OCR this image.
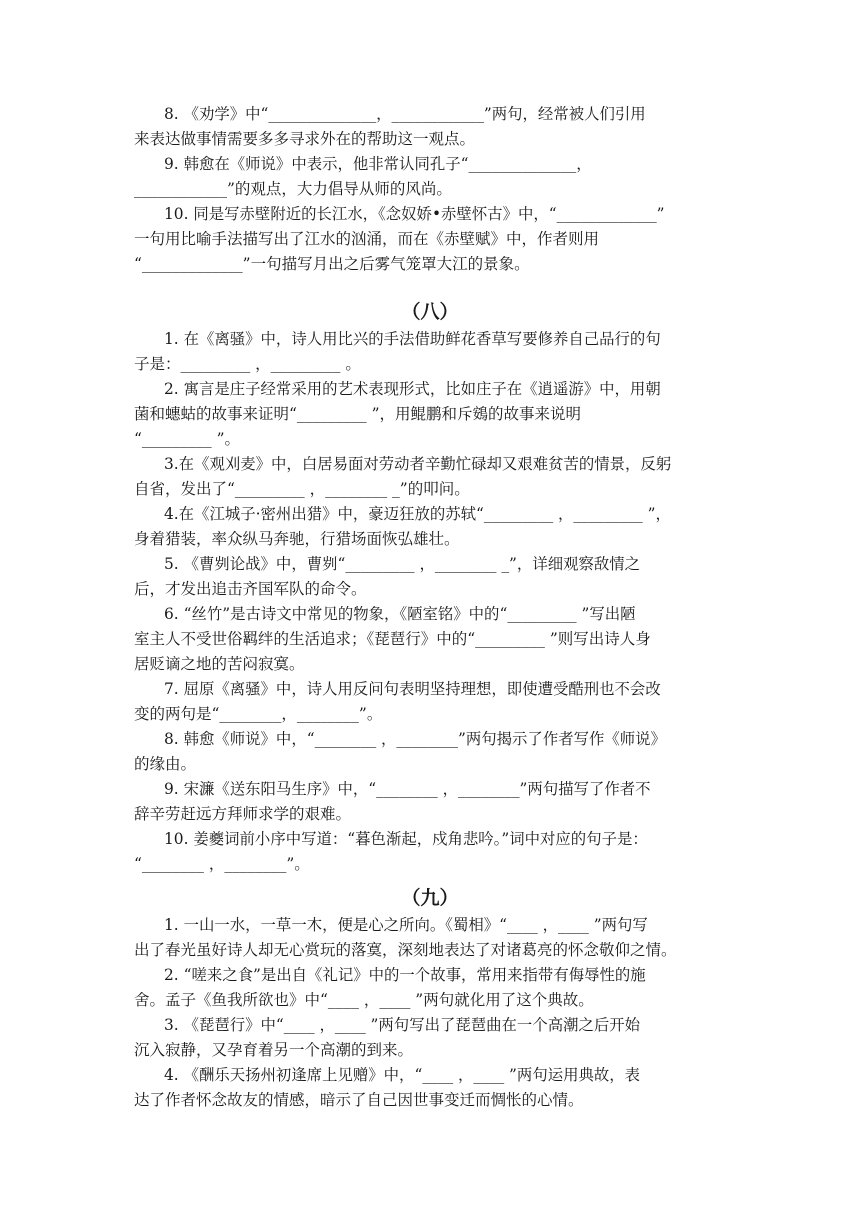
8. 《劝学》中“______________，____________”两句，经常被人们引用
来表达做事情需要多多寻求外在的帮助这一观点。
9. 韩愈在《师说》中表示，他非常认同孔子“______________，
____________”的观点，大力倡导从师的风尚。
10. 同是写赤壁附近的长江水，《念奴娇•赤壁怀古》中，“_____________”
一句用比喻手法描写出了江水的汹涌，而在《赤壁赋》中，作者则用
“_____________”一句描写月出之后雾气笼罩大江的景象。
（八）
1. 在《离骚》中，诗人用比兴的手法借助鲜花香草写要修养自己品行的句
子是：_________ ，_________ 。
2. 寓言是庄子经常采用的艺术表现形式，比如庄子在《逍遥游》中，用朝
菌和蟪蛄的故事来证明“_________ ”，用鲲鹏和斥鴳的故事来说明
“_________ ”。
3.在《观刈麦》中，白居易面对劳动者辛勤忙碌却又艰难贫苦的情景，反躬
自省，发出了“_________ ，________ _”的叩问。
4.在《江城子·密州出猎》中，豪迈狂放的苏轼“_________ ，_________ ”，
身着猎装，率众纵马奔驰，行猎场面恢弘雄壮。
5. 《曹刿论战》中，曹刿“_________ ，________ _”，详细观察敌情之
后，才发出追击齐国军队的命令。
6. “丝竹”是古诗文中常见的物象，《陋室铭》中的“_________ ”写出陋
室主人不受世俗羁绊的生活追求；《琵琶行》中的“_________ ”则写出诗人身
居贬谪之地的苦闷寂寞。
7. 屈原《离骚》中，诗人用反问句表明坚持理想，即使遭受酷刑也不会改
变的两句是“________，________”。
8. 韩愈《师说》中，“________ ，________”两句揭示了作者写作《师说》
的缘由。
9. 宋濂《送东阳马生序》中，“________ ，________”两句描写了作者不
辞辛劳赶远方拜师求学的艰难。
10. 姜夔词前小序中写道：“暮色渐起，戍角悲吟。”词中对应的句子是：
“________ ，________”。
（九）
1. 一山一水，一草一木，便是心之所向。《蜀相》“____ ，____ ”两句写
出了春光虽好诗人却无心赏玩的落寞，深刻地表达了对诸葛亮的怀念敬仰之情。
2. “嗟来之食”是出自《礼记》中的一个故事，常用来指带有侮辱性的施
舍。孟子《鱼我所欲也》中“____ ，____ ”两句就化用了这个典故。
3. 《琵琶行》中“____ ，____ ”两句写出了琵琶曲在一个高潮之后开始
沉入寂静，又孕育着另一个高潮的到来。
4. 《酬乐天扬州初逢席上见赠》中，“____ ，____ ”两句运用典故，表
达了作者怀念故友的情感，暗示了自己因世事变迁而惆怅的心情。
